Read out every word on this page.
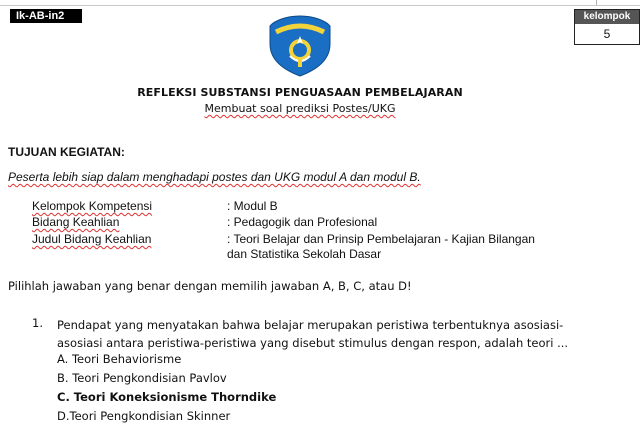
Ik-AB-in2	kelompok
5
REFLEKSI SUBSTANSI PENGUASAAN PEMBELAJARAN
Membuat soal prediksi Postes/UKG
TUJUAN KEGIATAN:
Peserta lebih siap dalam menghadapi postes dan UKG modul A dan modul B.
Kelompok Kompetensi	: Modul B
Bidang Keahlian	: Pedagogik dan Profesional
Judul Bidang Keahlian	: Teori Belajar dan Prinsip Pembelajaran - Kajian Bilangan dan Statistika Sekolah Dasar
Pilihlah jawaban yang benar dengan memilih jawaban A, B, C, atau D!
1. Pendapat yang menyatakan bahwa belajar merupakan peristiwa terbentuknya asosiasi-asosiasi antara peristiwa-peristiwa yang disebut stimulus dengan respon, adalah teori ...
A. Teori Behaviorisme
B. Teori Pengkondisian Pavlov
C. Teori Koneksionisme Thorndike
D.Teori Pengkondisian Skinner
